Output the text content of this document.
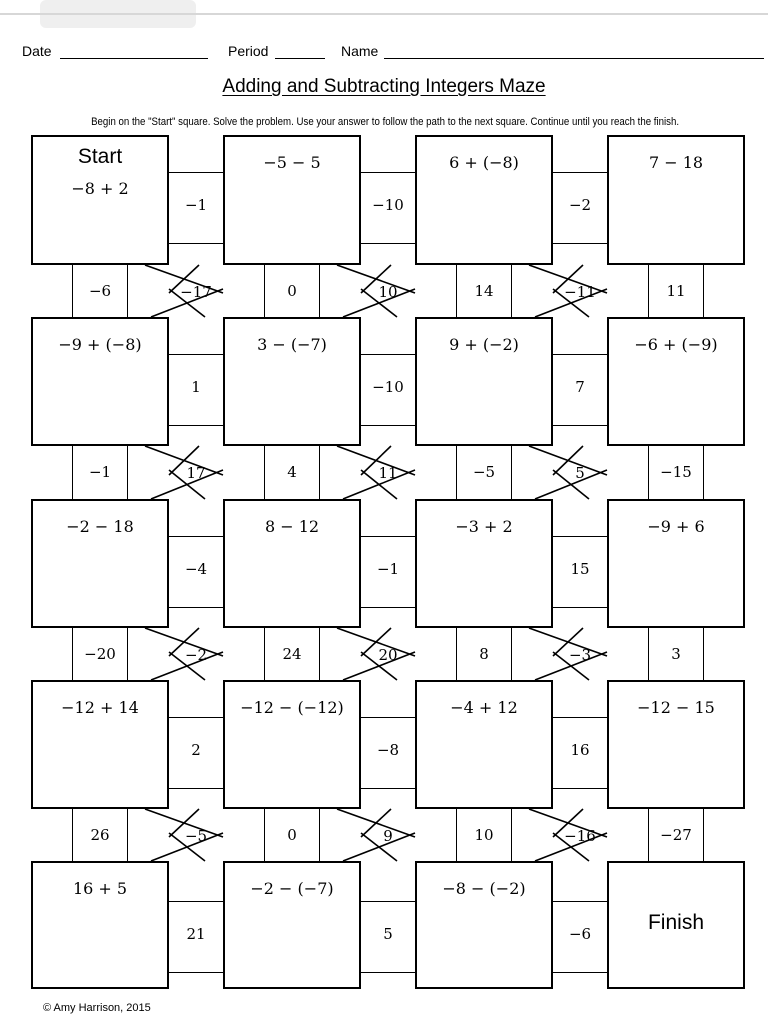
Date	Period	Name
Adding and Subtracting Integers Maze
Begin on the "Start" square. Solve the problem. Use your answer to follow the path to the next square. Continue until you reach the finish.
−1	−10	−2
1	−10	7
−4	−1	15
2	−8	16
21	5	−6
−6	0	14	11
−1	4	−5	−15
−20	24	8	3
26	0	10	−27
−17	10	−11
17	11	5
−2	20	−3
−5	9	−16
Start
−8 + 2
−5 − 5	6 + (−8)	7 − 18
−9 + (−8)	3 − (−7)	9 + (−2)	−6 + (−9)
−2 − 18	8 − 12	−3 + 2	−9 + 6
−12 + 14	−12 − (−12)	−4 + 12	−12 − 15
16 + 5	−2 − (−7)	−8 − (−2)
Finish
© Amy Harrison, 2015
